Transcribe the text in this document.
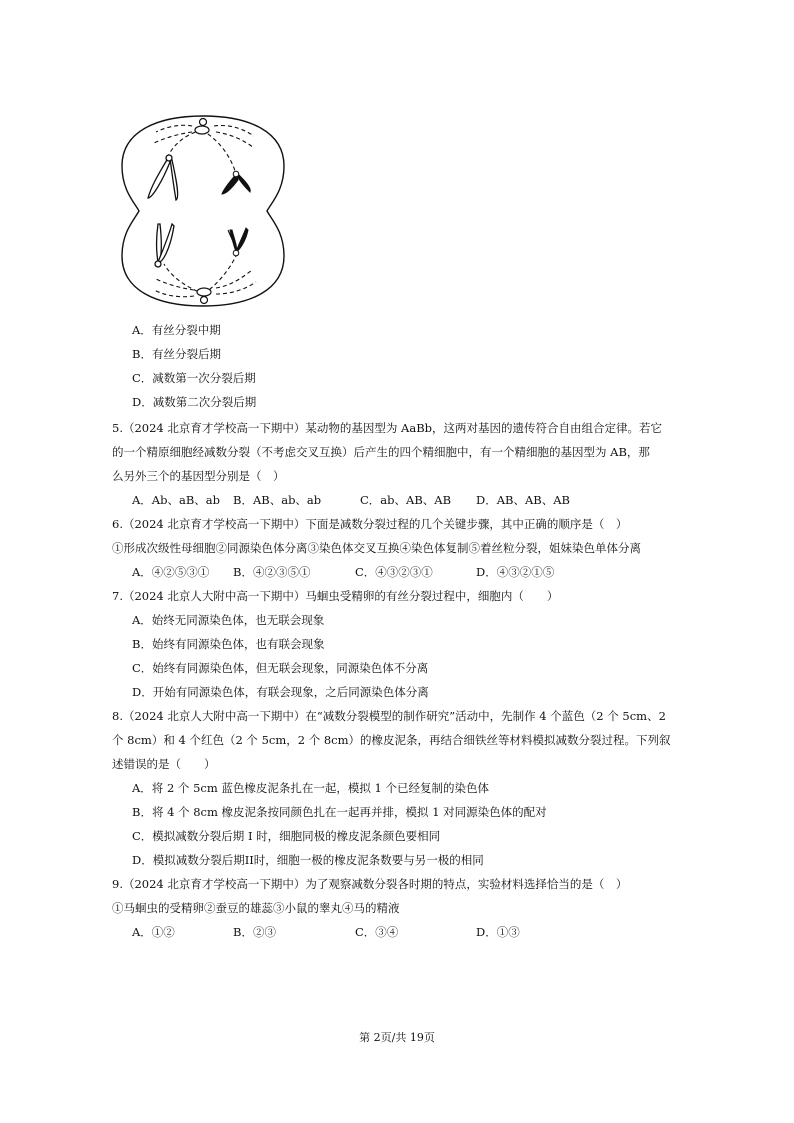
A．有丝分裂中期
B．有丝分裂后期
C．减数第一次分裂后期
D．减数第二次分裂后期
5.（2024 北京育才学校高一下期中）某动物的基因型为 AaBb，这两对基因的遗传符合自由组合定律。若它
的一个精原细胞经减数分裂（不考虑交叉互换）后产生的四个精细胞中，有一个精细胞的基因型为 AB，那
么另外三个的基因型分别是（　）
A．Ab、aB、ab B．AB、ab、ab	C．ab、AB、AB D．AB、AB、AB
6.（2024 北京育才学校高一下期中）下面是减数分裂过程的几个关键步骤，其中正确的顺序是（　）
①形成次级性母细胞②同源染色体分离③染色体交叉互换④染色体复制⑤着丝粒分裂，姐妹染色单体分离
A．④②⑤③① B．④②③⑤①	C．④③②③①	D．④③②①⑤
7.（2024 北京人大附中高一下期中）马蛔虫受精卵的有丝分裂过程中，细胞内（　　）
A．始终无同源染色体，也无联会现象
B．始终有同源染色体，也有联会现象
C．始终有同源染色体，但无联会现象，同源染色体不分离
D．开始有同源染色体，有联会现象，之后同源染色体分离
8.（2024 北京人大附中高一下期中）在“减数分裂模型的制作研究”活动中，先制作 4 个蓝色（2 个 5cm、2
个 8cm）和 4 个红色（2 个 5cm，2 个 8cm）的橡皮泥条，再结合细铁丝等材料模拟减数分裂过程。下列叙
述错误的是（　　）
A．将 2 个 5cm 蓝色橡皮泥条扎在一起，模拟 1 个已经复制的染色体
B．将 4 个 8cm 橡皮泥条按同颜色扎在一起再并排，模拟 1 对同源染色体的配对
C．模拟减数分裂后期 I 时，细胞同极的橡皮泥条颜色要相同
D．模拟减数分裂后期II时，细胞一极的橡皮泥条数要与另一极的相同
9.（2024 北京育才学校高一下期中）为了观察减数分裂各时期的特点，实验材料选择恰当的是（　）
①马蛔虫的受精卵②蚕豆的雄蕊③小鼠的睾丸④马的精液
A．①②	B．②③	C．③④	D．①③
第 2页/共 19页
